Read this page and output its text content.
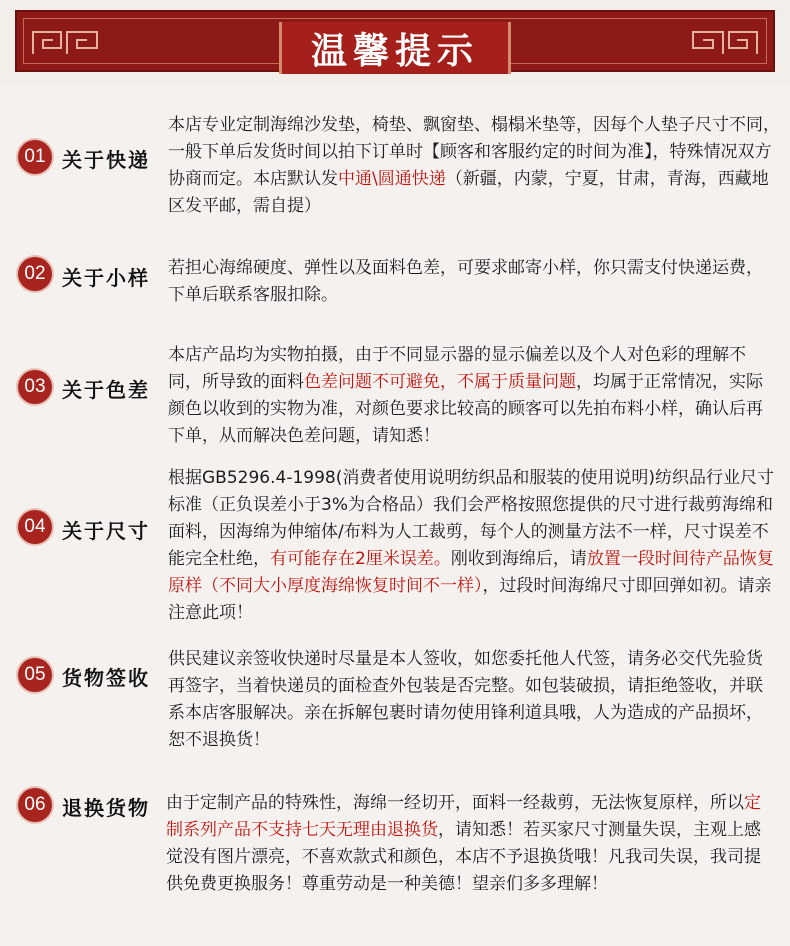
温馨提示
01 关于快递
本店专业定制海绵沙发垫，椅垫、飘窗垫、榻榻米垫等，因每个人垫子尺寸不同，一般下单后发货时间以拍下订单时【顾客和客服约定的时间为准】，特殊情况双方协商而定。本店默认发中通\圆通快递（新疆，内蒙，宁夏，甘肃，青海，西藏地区发平邮，需自提）
02 关于小样 若担心海绵硬度、弹性以及面料色差，可要求邮寄小样，你只需支付快递运费，下单后联系客服扣除。
03 关于色差
本店产品均为实物拍摄，由于不同显示器的显示偏差以及个人对色彩的理解不同，所导致的面料色差问题不可避免，不属于质量问题，均属于正常情况，实际颜色以收到的实物为准，对颜色要求比较高的顾客可以先拍布料小样，确认后再下单，从而解决色差问题，请知悉！
04 关于尺寸
根据GB5296.4-1998(消费者使用说明纺织品和服装的使用说明)纺织品行业尺寸标准（正负误差小于3%为合格品）我们会严格按照您提供的尺寸进行裁剪海绵和面料，因海绵为伸缩体/布料为人工裁剪，每个人的测量方法不一样，尺寸误差不能完全杜绝，有可能存在2厘米误差。刚收到海绵后，请放置一段时间待产品恢复原样（不同大小厚度海绵恢复时间不一样），过段时间海绵尺寸即回弹如初。请亲注意此项！
05 货物签收
供民建议亲签收快递时尽量是本人签收，如您委托他人代签，请务必交代先验货再签字，当着快递员的面检查外包装是否完整。如包装破损，请拒绝签收，并联系本店客服解决。亲在拆解包裹时请勿使用锋利道具哦，人为造成的产品损坏，恕不退换货！
06 退换货物 由于定制产品的特殊性，海绵一经切开，面料一经裁剪，无法恢复原样，所以定制系列产品不支持七天无理由退换货，请知悉！若买家尺寸测量失误，主观上感觉没有图片漂亮，不喜欢款式和颜色，本店不予退换货哦！凡我司失误，我司提供免费更换服务！尊重劳动是一种美德！望亲们多多理解！
